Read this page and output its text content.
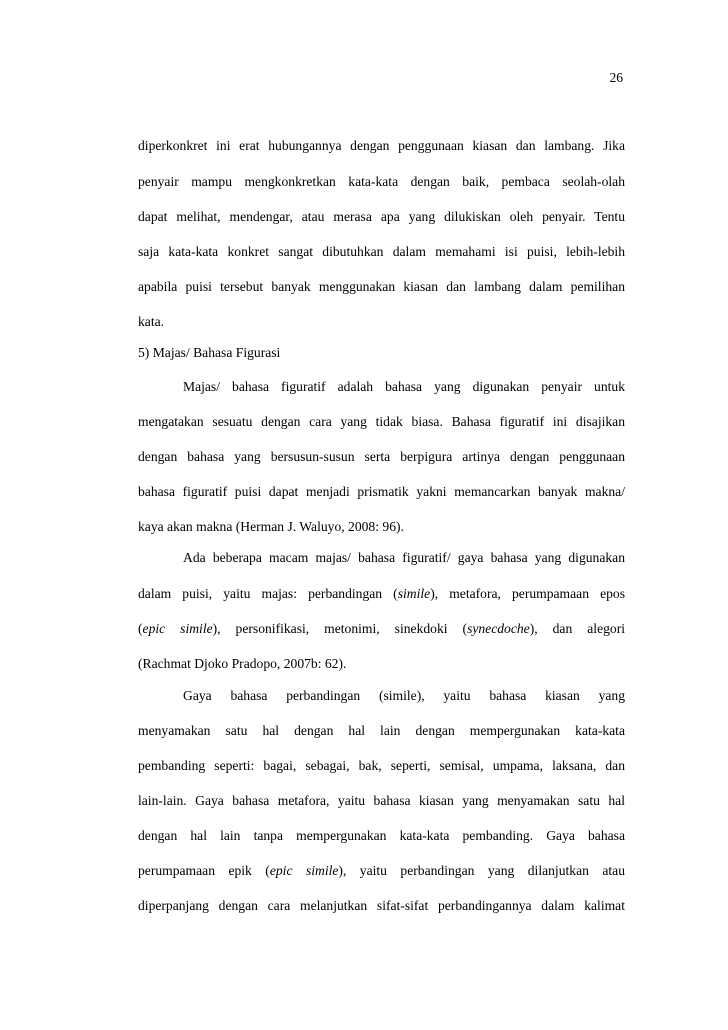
26
diperkonkret ini erat hubungannya dengan penggunaan kiasan dan lambang. Jika
penyair mampu mengkonkretkan kata-kata dengan baik, pembaca seolah-olah
dapat melihat, mendengar, atau merasa apa yang dilukiskan oleh penyair. Tentu
saja kata-kata konkret sangat dibutuhkan dalam memahami isi puisi, lebih-lebih
apabila puisi tersebut banyak menggunakan kiasan dan lambang dalam pemilihan
kata.
5) Majas/ Bahasa Figurasi
Majas/ bahasa figuratif adalah bahasa yang digunakan penyair untuk
mengatakan sesuatu dengan cara yang tidak biasa. Bahasa figuratif ini disajikan
dengan bahasa yang bersusun-susun serta berpigura artinya dengan penggunaan
bahasa figuratif puisi dapat menjadi prismatik yakni memancarkan banyak makna/
kaya akan makna (Herman J. Waluyo, 2008: 96).
Ada beberapa macam majas/ bahasa figuratif/ gaya bahasa yang digunakan
dalam puisi, yaitu majas: perbandingan (simile), metafora, perumpamaan epos
(epic simile), personifikasi, metonimi, sinekdoki (synecdoche), dan alegori
(Rachmat Djoko Pradopo, 2007b: 62).
Gaya bahasa perbandingan (simile), yaitu bahasa kiasan yang
menyamakan satu hal dengan hal lain dengan mempergunakan kata-kata
pembanding seperti: bagai, sebagai, bak, seperti, semisal, umpama, laksana, dan
lain-lain. Gaya bahasa metafora, yaitu bahasa kiasan yang menyamakan satu hal
dengan hal lain tanpa mempergunakan kata-kata pembanding. Gaya bahasa
perumpamaan epik (epic simile), yaitu perbandingan yang dilanjutkan atau
diperpanjang dengan cara melanjutkan sifat-sifat perbandingannya dalam kalimat
